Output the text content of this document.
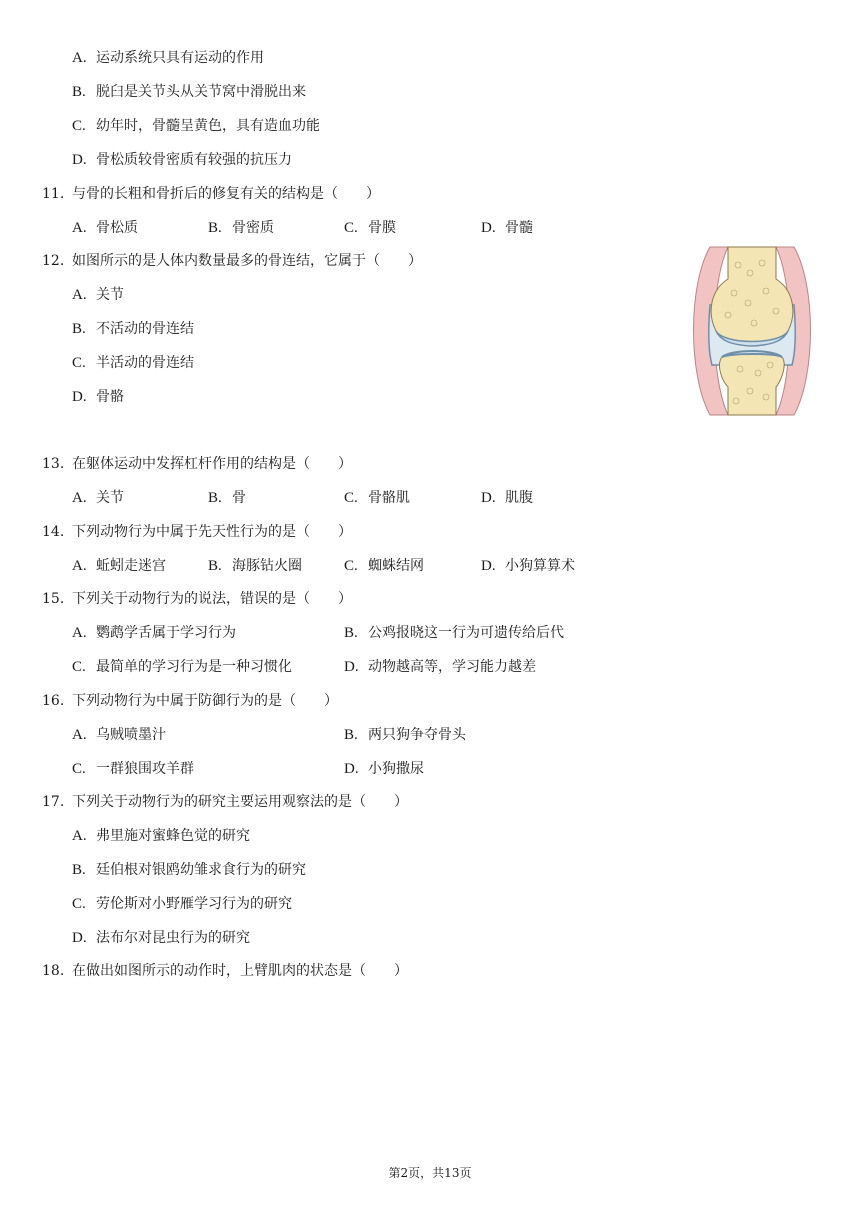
A. 运动系统只具有运动的作用
B. 脱臼是关节头从关节窝中滑脱出来
C. 幼年时，骨髓呈黄色，具有造血功能
D. 骨松质较骨密质有较强的抗压力
11. 与骨的长粗和骨折后的修复有关的结构是（　　）
A. 骨松质	B. 骨密质	C. 骨膜	D. 骨髓
12. 如图所示的是人体内数量最多的骨连结，它属于（　　）
A. 关节
B. 不活动的骨连结
C. 半活动的骨连结
D. 骨骼
13. 在躯体运动中发挥杠杆作用的结构是（　　）
A. 关节	B. 骨	C. 骨骼肌	D. 肌腹
14. 下列动物行为中属于先天性行为的是（　　）
A. 蚯蚓走迷宫	B. 海豚钻火圈	C. 蜘蛛结网	D. 小狗算算术
15. 下列关于动物行为的说法，错误的是（　　）
A. 鹦鹉学舌属于学习行为	B. 公鸡报晓这一行为可遗传给后代
C. 最简单的学习行为是一种习惯化	D. 动物越高等，学习能力越差
16. 下列动物行为中属于防御行为的是（　　）
A. 乌贼喷墨汁	B. 两只狗争夺骨头
C. 一群狼围攻羊群	D. 小狗撒尿
17. 下列关于动物行为的研究主要运用观察法的是（　　）
A. 弗里施对蜜蜂色觉的研究
B. 廷伯根对银鸥幼雏求食行为的研究
C. 劳伦斯对小野雁学习行为的研究
D. 法布尔对昆虫行为的研究
18. 在做出如图所示的动作时，上臂肌肉的状态是（　　）
第2页，共13页
